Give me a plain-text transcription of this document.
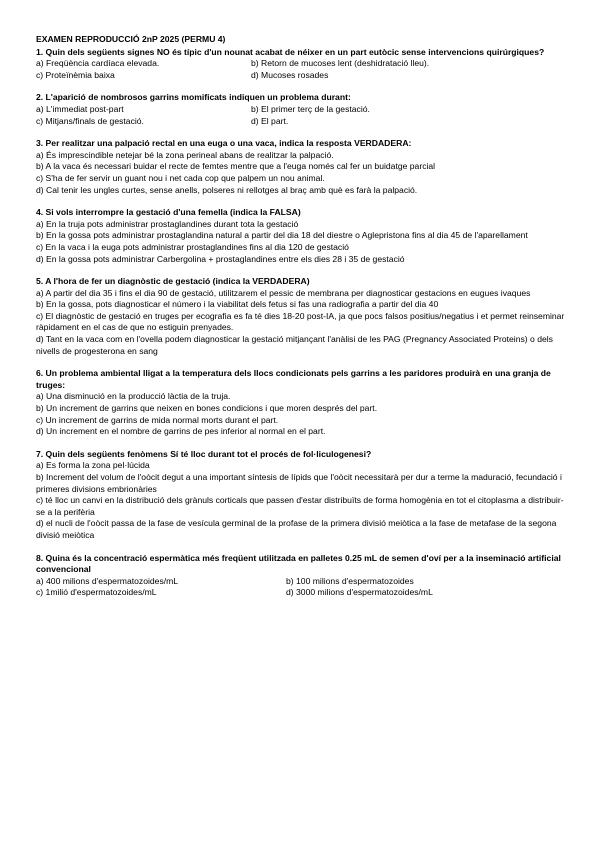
EXAMEN REPRODUCCIÓ 2nP 2025 (PERMU 4)
1. Quin dels següents signes NO és típic d'un nounat acabat de néixer en un part eutòcic sense intervencions quirúrgiques?
a) Freqüència cardíaca elevada.	b) Retorn de mucoses lent (deshidratació lleu).
c) Proteïnèmia baixa	d) Mucoses rosades
2. L'aparició de nombrosos garrins momificats indiquen un problema durant:
a) L'immediat post-part	b) El primer terç de la gestació.
c) Mitjans/finals de gestació.	d) El part.
3. Per realitzar una palpació rectal en una euga o una vaca, indica la resposta VERDADERA:
a) És imprescindible netejar bé la zona perineal abans de realitzar la palpació.
b) A la vaca és necessari buidar el recte de femtes mentre que a l'euga només cal fer un buidatge parcial
c) S'ha de fer servir un guant nou i net cada cop que palpem un nou animal.
d) Cal tenir les ungles curtes, sense anells, polseres ni rellotges al braç amb què es farà la palpació.
4. Si vols interrompre la gestació d'una femella (indica la FALSA)
a) En la truja pots administrar prostaglandines durant tota la gestació
b) En la gossa pots administrar prostaglandina natural a partir del dia 18 del diestre o Aglepristona fins al dia 45 de l'aparellament
c) En la vaca i la euga pots administrar prostaglandines fins al dia 120 de gestació
d) En la gossa pots administrar Carbergolina + prostaglandines entre els dies 28 i 35 de gestació
5. A l'hora de fer un diagnòstic de gestació (indica la VERDADERA)
a) A partir del dia 35 i fins el dia 90 de gestació, utilitzarem el pessic de membrana per diagnosticar gestacions en eugues ivaques
b) En la gossa, pots diagnosticar el número i la viabilitat dels fetus si fas una radiografia a partir del dia 40
c) El diagnòstic de gestació en truges per ecografia es fa té dies 18-20 post-IA, ja que pocs falsos positius/negatius i et permet reinseminar ràpidament en el cas de que no estiguin prenyades.
d) Tant en la vaca com en l'ovella podem diagnosticar la gestació mitjançant l'anàlisi de les PAG (Pregnancy Associated Proteins) o dels nivells de progesterona en sang
6. Un problema ambiental lligat a la temperatura dels llocs condicionats pels garrins a les paridores produirà en una granja de truges:
a) Una disminució en la producció làctia de la truja.
b) Un increment de garrins que neixen en bones condicions i que moren després del part.
c) Un increment de garrins de mida normal morts durant el part.
d) Un increment en el nombre de garrins de pes inferior al normal en el part.
7. Quin dels següents fenòmens Sí té lloc durant tot el procés de fol·liculogenesi?
a) Es forma la zona pel·lúcida
b) Increment del volum de l'oòcit degut a una important síntesis de lípids que l'oòcit necessitarà per dur a terme la maduració, fecundació i primeres divisions embrionàries
c) té lloc un canvi en la distribució dels grànuls corticals que passen d'estar distribuïts de forma homogènia en tot el citoplasma a distribuir-se a la perifèria
d) el nucli de l'oòcit passa de la fase de vesícula germinal de la profase de la primera divisió meiòtica a la fase de metafase de la segona divisió meiòtica
8. Quina és la concentració espermàtica més freqüent utilitzada en palletes 0.25 mL de semen d'oví per a la inseminació artificial convencional
a) 400 milions d'espermatozoides/mL	b) 100 milions d'espermatozoides
c) 1milió d'espermatozoides/mL	d) 3000 milions d'espermatozoides/mL
